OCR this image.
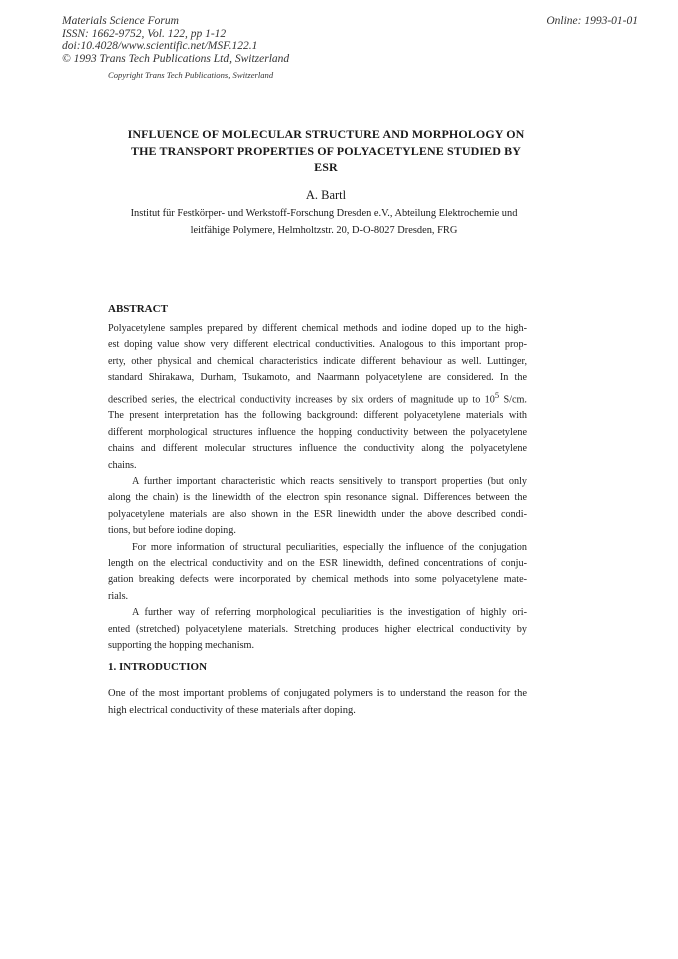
Materials Science Forum
ISSN: 1662-9752, Vol. 122, pp 1-12
doi:10.4028/www.scientific.net/MSF.122.1
© 1993 Trans Tech Publications Ltd, Switzerland
Online: 1993-01-01
Copyright Trans Tech Publications, Switzerland
INFLUENCE OF MOLECULAR STRUCTURE AND MORPHOLOGY ON
THE TRANSPORT PROPERTIES OF POLYACETYLENE STUDIED BY
ESR
A. Bartl
Institut für Festkörper- und Werkstoff-Forschung Dresden e.V., Abteilung Elektrochemie und
leitfähige Polymere, Helmholtzstr. 20, D-O-8027 Dresden, FRG
ABSTRACT

Polyacetylene samples prepared by different chemical methods and iodine doped up to the high-
est doping value show very different electrical conductivities. Analogous to this important prop-
erty, other physical and chemical characteristics indicate different behaviour as well. Luttinger,
standard Shirakawa, Durham, Tsukamoto, and Naarmann polyacetylene are considered. In the
described series, the electrical conductivity increases by six orders of magnitude up to $10^5$ S/cm.
The present interpretation has the following background: different polyacetylene materials with
different morphological structures influence the hopping conductivity between the polyacetylene
chains and different molecular structures influence the conductivity along the polyacetylene
chains.

A further important characteristic which reacts sensitively to transport properties (but only
along the chain) is the linewidth of the electron spin resonance signal. Differences between the
polyacetylene materials are also shown in the ESR linewidth under the above described condi-
tions, but before iodine doping.

For more information of structural peculiarities, especially the influence of the conjugation
length on the electrical conductivity and on the ESR linewidth, defined concentrations of conju-
gation breaking defects were incorporated by chemical methods into some polyacetylene mate-
rials.

A further way of referring morphological peculiarities is the investigation of highly ori-
ented (stretched) polyacetylene materials. Stretching produces higher electrical conductivity by
supporting the hopping mechanism.

1. INTRODUCTION
One of the most important problems of conjugated polymers is to understand the reason for the
high electrical conductivity of these materials after doping.
